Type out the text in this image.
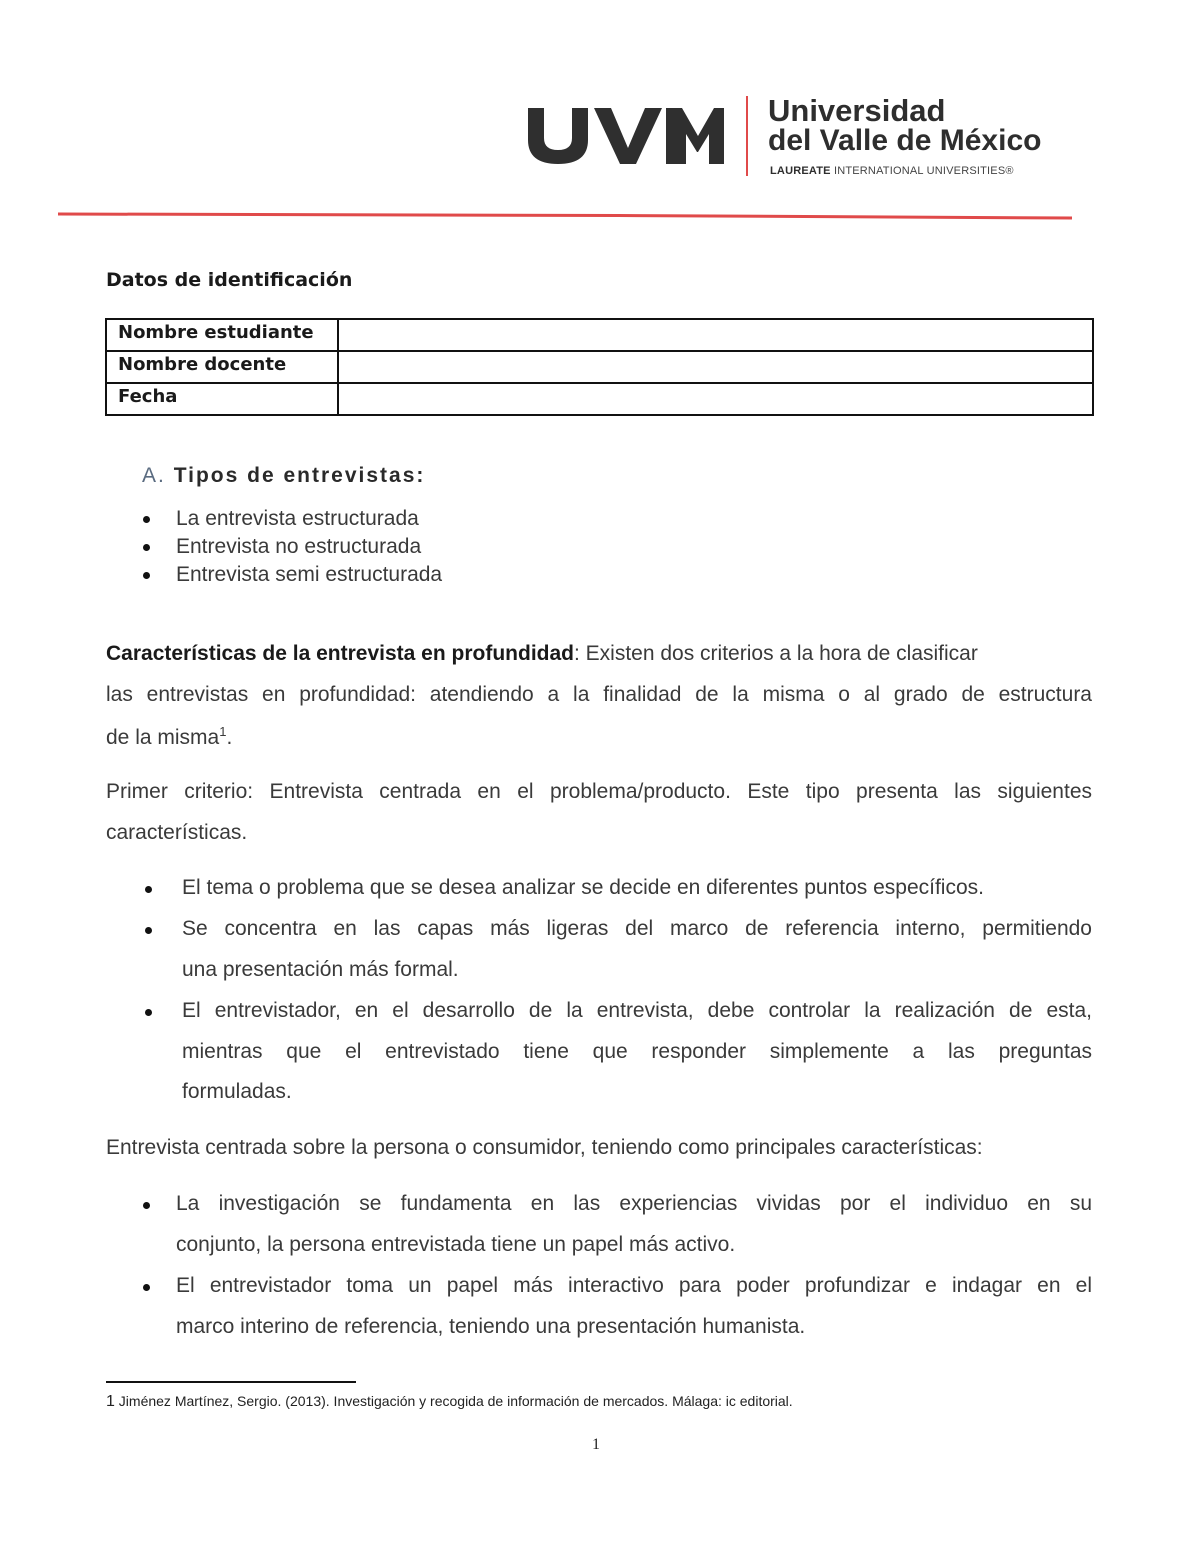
Universidad
del Valle de México
LAUREATE INTERNATIONAL UNIVERSITIES®
Datos de identificación
Nombre estudiante	
Nombre docente	
Fecha	
A. Tipos de entrevistas:
La entrevista estructurada
Entrevista no estructurada
Entrevista semi estructurada
Características de la entrevista en profundidad: Existen dos criterios a la hora de clasificar
las entrevistas en profundidad: atendiendo a la finalidad de la misma o al grado de estructura
de la misma$^1$.
Primer criterio: Entrevista centrada en el problema/producto. Este tipo presenta las siguientes
características.
El tema o problema que se desea analizar se decide en diferentes puntos específicos.
Se concentra en las capas más ligeras del marco de referencia interno, permitiendo
una presentación más formal.
El entrevistador, en el desarrollo de la entrevista, debe controlar la realización de esta,
mientras que el entrevistado tiene que responder simplemente a las preguntas
formuladas.
Entrevista centrada sobre la persona o consumidor, teniendo como principales características:
La investigación se fundamenta en las experiencias vividas por el individuo en su
conjunto, la persona entrevistada tiene un papel más activo.
El entrevistador toma un papel más interactivo para poder profundizar e indagar en el
marco interino de referencia, teniendo una presentación humanista.
1 Jiménez Martínez, Sergio. (2013). Investigación y recogida de información de mercados. Málaga: ic editorial.
1
